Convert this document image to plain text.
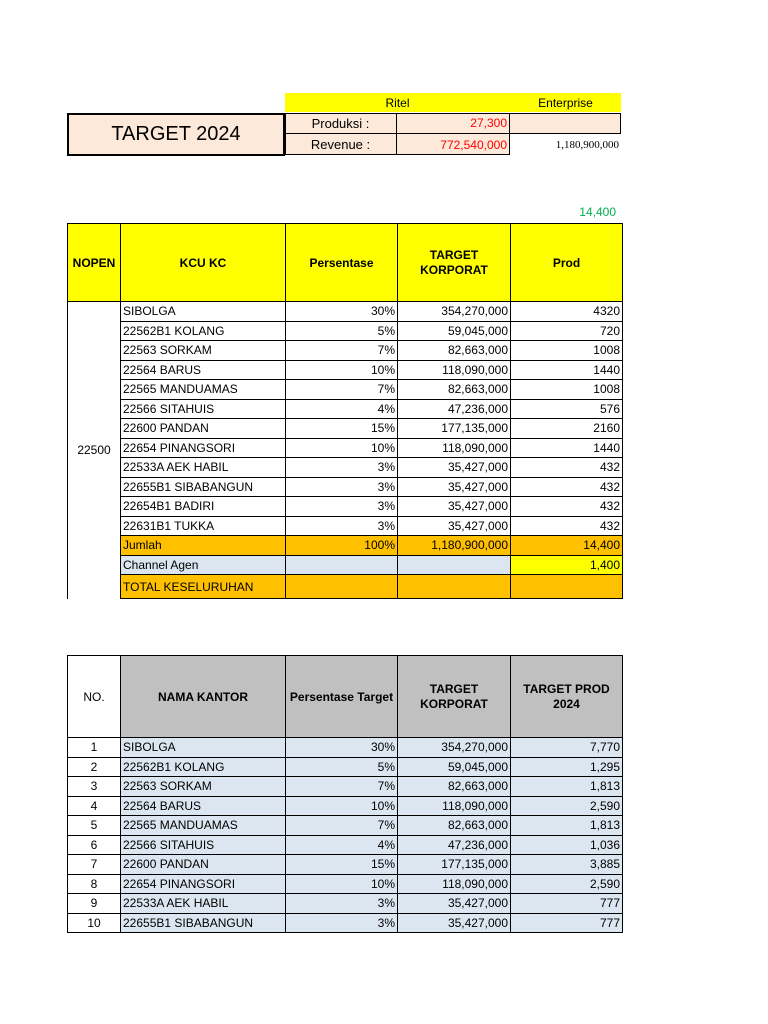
Ritel	Enterprise
TARGET 2024	Produksi :	27,300
Revenue :	772,540,000	1,180,900,000
14,400
NOPEN	KCU KC	Persentase	TARGET KORPORAT	Prod
22500	SIBOLGA	30%	354,270,000	4320
	22562B1 KOLANG	5%	59,045,000	720
	22563 SORKAM	7%	82,663,000	1008
	22564 BARUS	10%	118,090,000	1440
	22565 MANDUAMAS	7%	82,663,000	1008
	22566 SITAHUIS	4%	47,236,000	576
	22600 PANDAN	15%	177,135,000	2160
	22654 PINANGSORI	10%	118,090,000	1440
	22533A AEK HABIL	3%	35,427,000	432
	22655B1 SIBABANGUN	3%	35,427,000	432
	22654B1 BADIRI	3%	35,427,000	432
	22631B1 TUKKA	3%	35,427,000	432
	Jumlah	100%	1,180,900,000	14,400
	Channel Agen			1,400
	TOTAL KESELURUHAN			
NO.	NAMA KANTOR	Persentase Target	TARGET KORPORAT	TARGET PROD 2024
1	SIBOLGA	30%	354,270,000	7,770
2	22562B1 KOLANG	5%	59,045,000	1,295
3	22563 SORKAM	7%	82,663,000	1,813
4	22564 BARUS	10%	118,090,000	2,590
5	22565 MANDUAMAS	7%	82,663,000	1,813
6	22566 SITAHUIS	4%	47,236,000	1,036
7	22600 PANDAN	15%	177,135,000	3,885
8	22654 PINANGSORI	10%	118,090,000	2,590
9	22533A AEK HABIL	3%	35,427,000	777
10	22655B1 SIBABANGUN	3%	35,427,000	777
